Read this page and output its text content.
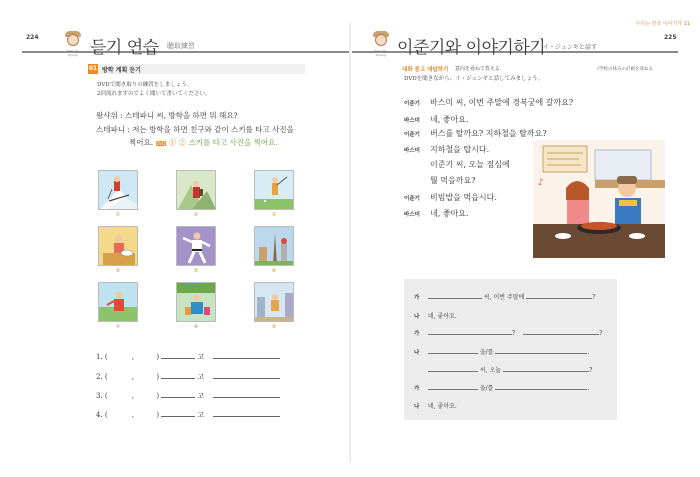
224
Sally Jin-Kyung 듣기 연습 聴取練習
01 방학 계획 듣기	(学校の休みの計画を尋ねる
DVDで聞き取りの練習をしましょう。
2回流れますのでよく聞いて書いてください。
왕샤위 : 스테파니 씨, 방학을 하면 뭐 해요?
스테파니 : 저는 방학을 하면 친구와 같이 스키를 타고 사진을
찍어요. DVD ① ② 스키를 타고 사진을 찍어요.
①	②	③
④	⑤	⑥
⑦	⑧	⑨
1. (	,	)	고	.
2. (	,	)	고	.
3. (	,	)	고	.
4. (	,	)	고	.
우리는 한국 이야기가 11
225
Sally Jin-Kyung 이준기와 이야기하기
イ・ジュンギと話す
대화 묻고 대답하기 意向を尋ねて答える
DVDを聞きながら、イ・ジュンギと話してみましょう。
이준기 바스미 씨, 이번 주말에 경복궁에 갈까요?
바스미 네, 좋아요.
이준기 버스를 탈까요? 지하철을 탈까요?
바스미 지하철을 탑시다.
이준기 씨, 오늘 점심에
뭘 먹을까요?
이준기 비빔밥을 먹읍시다.
바스미 네, 좋아요.
♪
가	씨, 이번 주말에	?
나 네, 좋아요.
가	?	?
나	을/를	.
씨, 오늘	?
가	을/를	.
나 네, 좋아요.
